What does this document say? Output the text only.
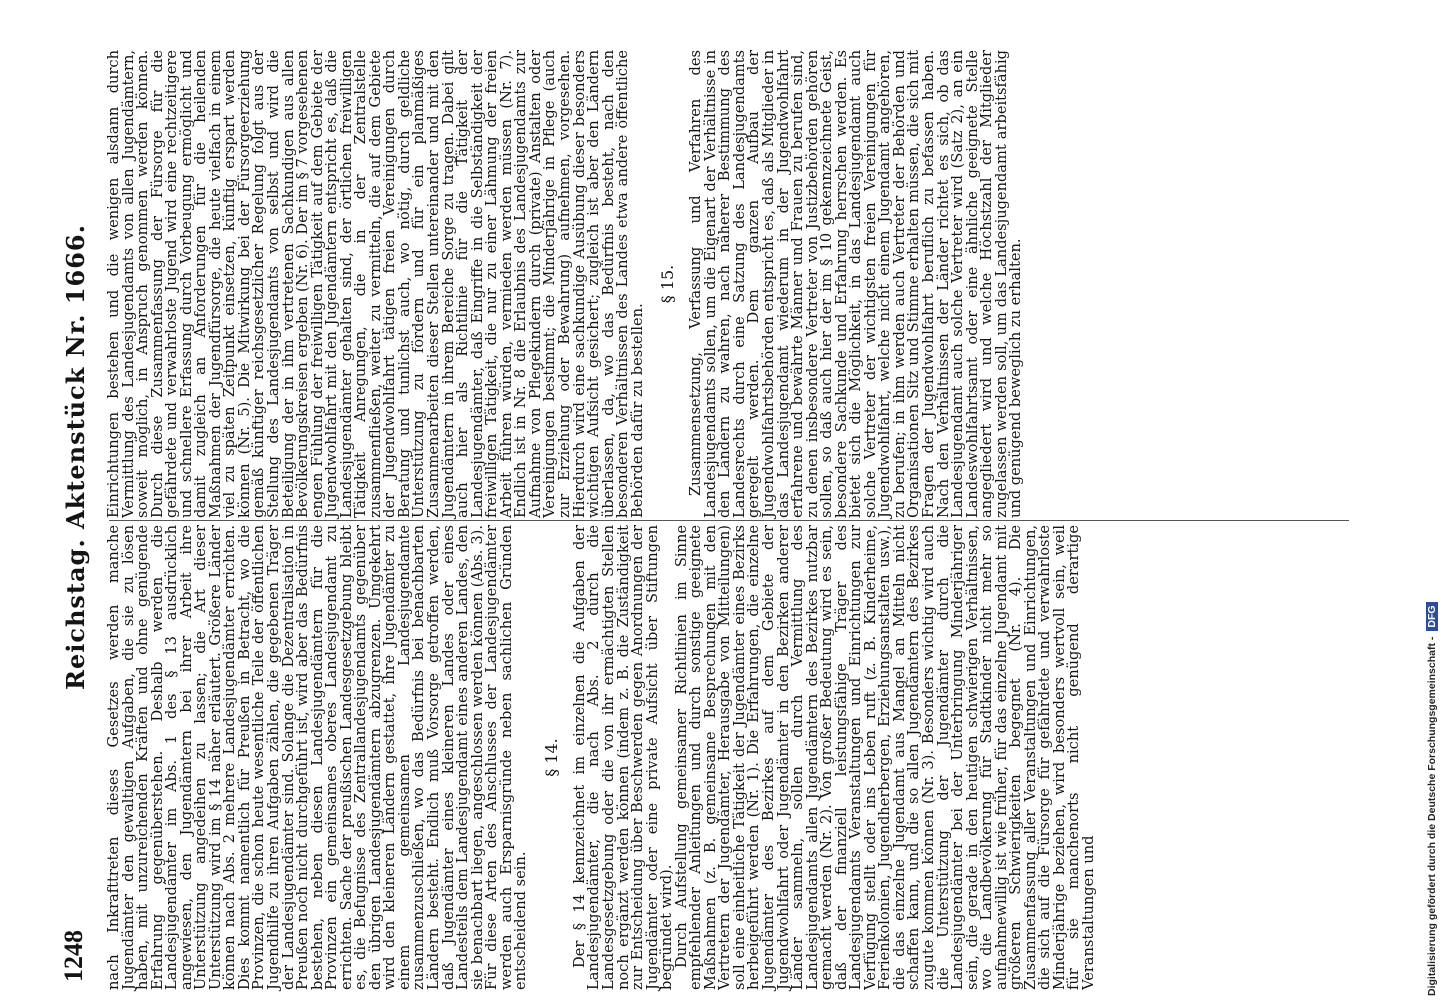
1248
Reichstag. Aktenstück Nr. 1666.

nach Inkrafttreten dieses Gesetzes werden manche Jugendämter den gewaltigen Aufgaben, die sie zu lösen haben, mit unzureichenden Kräften und ohne genügende Erfahrung gegenüberstehen. Deshalb werden die Landesjugendämter im Abs. 1 des § 13 ausdrücklich angewiesen, den Jugendämtern bei ihrer Arbeit ihre Unterstützung angedeihen zu lassen; die Art dieser Unterstützung wird im § 14 näher erläutert. Größere Länder können nach Abs. 2 mehrere Landesjugendämter errichten. Dies kommt namentlich für Preußen in Betracht, wo die Provinzen, die schon heute wesentliche Teile der öffentlichen Jugendhilfe zu ihren Aufgaben zählen, die gegebenen Träger der Landesjugendämter sind. Solange die Dezentralisation in Preußen noch nicht durchgeführt ist, wird aber das Bedürfnis bestehen, neben diesen Landesjugendämtern für die Provinzen ein gemeinsames oberes Landesjugendamt zu errichten. Sache der preußischen Landesgesetzgebung bleibt es, die Befugnisse des Zentrallandesjugendamts gegenüber den übrigen Landesjugendämtern abzugrenzen. Umgekehrt wird den kleineren Ländern gestattet, ihre Jugendämter zu einem gemeinsamen Landesjugendamte zusammenzuschließen, wo das Bedürfnis bei benachbarten Ländern besteht. Endlich muß Vorsorge getroffen werden, daß Jugendämter eines kleineren Landes oder eines Landesteils dem Landesjugendamt eines anderen Landes, den sie benachbart liegen, angeschlossen werden können (Abs. 3). Für diese Arten des Anschlusses der Landesjugendämter werden auch Ersparnisgründe neben sachlichen Gründen entscheidend sein.

§ 14. Der § 14 kennzeichnet im einzelnen die Aufgaben der Landesjugendämter, die nach Abs. 2 durch die Landesgesetzgebung oder die von ihr ermächtigten Stellen noch ergänzt werden können (indem z. B. die Zuständigkeit zur Entscheidung über Beschwerden gegen Anordnungen der Jugendämter oder eine private Aufsicht über Stiftungen begründet wird).

Durch Aufstellung gemeinsamer Richtlinien im Sinne empfehlender Anleitungen und durch sonstige geeignete Maßnahmen (z. B. gemeinsame Besprechungen mit den Vertretern der Jugendämter, Herausgabe von Mitteilungen) soll eine einheitliche Tätigkeit der Jugendämter eines Bezirks herbeigeführt werden (Nr. 1). Die Erfahrungen, die einzelne Jugendämter des Bezirkes auf dem Gebiete der Jugendwohlfahrt oder Jugendämter in den Bezirken anderer Länder sammeln, sollen durch Vermittlung des Landesjugendamts allen Jugendämtern des Bezirkes nutzbar gemacht werden (Nr. 2). Von großer Bedeutung wird es sein, daß der finanziell leistungsfähige Träger des Landesjugendamts Veranstaltungen und Einrichtungen zur Verfügung stellt oder ins Leben ruft (z. B. Kinderheime, Ferienkolonien, Jugendherbergen, Erziehungsanstalten usw.), die das einzelne Jugendamt aus Mangel an Mitteln nicht schaffen kann, und die so allen Jugendämtern des Bezirkes zugute kommen können (Nr. 3). Besonders wichtig wird auch die Unterstützung der Jugendämter durch die Landesjugendämter bei der Unterbringung Minderjähriger sein, die gerade in den heutigen schwierigen Verhältnissen, wo die Landbevölkerung für Stadtkinder nicht mehr so aufnahmewillig ist wie früher, für das einzelne Jugendamt mit größeren Schwierigkeiten begegnet (Nr. 4). Die Zusammenfassung aller Veranstaltungen und Einrichtungen, die sich auf die Fürsorge für gefährdete und verwahrloste Minderjährige beziehen, wird besonders wertvoll sein, weil für sie manchenorts nicht genügend derartige Veranstaltungen und

Einrichtungen bestehen und die wenigen alsdann durch Vermittlung des Landesjugendamts von allen Jugendämtern, soweit möglich, in Anspruch genommen werden können. Durch diese Zusammenfassung der Fürsorge für die gefährdete und verwahrloste Jugend wird eine rechtzeitigere und schnellere Erfassung durch Vorbeugung ermöglicht und damit zugleich an Anforderungen für die heilenden Maßnahmen der Jugendfürsorge, die heute vielfach in einem viel zu späten Zeitpunkt einsetzen, künftig erspart werden können (Nr. 5). Die Mitwirkung bei der Fürsorgeerziehung gemäß künftiger reichsgesetzlicher Regelung folgt aus der Stellung des Landesjugendamts von selbst und wird die Beteiligung der in ihm vertretenen Sachkundigen aus allen Bevölkerungskreisen ergeben (Nr. 6). Der im § 7 vorgesehenen engen Fühlung der freiwilligen Tätigkeit auf dem Gebiete der Jugendwohlfahrt mit den Jugendämtern entspricht es, daß die Landesjugendämter gehalten sind, der örtlichen freiwilligen Tätigkeit Anregungen, die in der Zentralstelle zusammenfließen, weiter zu vermitteln, die auf dem Gebiete der Jugendwohlfahrt tätigen freien Vereinigungen durch Beratung und tunlichst auch, wo nötig, durch geldliche Unterstützung zu fördern und für ein planmäßiges Zusammenarbeiten dieser Stellen untereinander und mit den Jugendämtern in ihrem Bereiche Sorge zu tragen. Dabei gilt auch hier als Richtlinie für die Tätigkeit der Landesjugendämter, daß Eingriffe in die Selbständigkeit der freiwilligen Tätigkeit, die nur zu einer Lähmung der freien Arbeit führen würden, vermieden werden müssen (Nr. 7). Endlich ist in Nr. 8 die Erlaubnis des Landesjugendamts zur Aufnahme von Pflegekindern durch (private) Anstalten oder Vereinigungen bestimmt; die Minderjährige in Pflege (auch zur Erziehung oder Bewahrung) aufnehmen, vorgesehen. Hierdurch wird eine sachkundige Ausübung dieser besonders wichtigen Aufsicht gesichert; zugleich ist aber den Ländern überlassen, da, wo das Bedürfnis besteht, nach den besonderen Verhältnissen des Landes etwa andere öffentliche Behörden dafür zu bestellen.

§ 15. Zusammensetzung, Verfassung und Verfahren des Landesjugendamts sollen, um die Eigenart der Verhältnisse in den Ländern zu wahren, nach näherer Bestimmung des Landesrechts durch eine Satzung des Landesjugendamts geregelt werden. Dem ganzen Aufbau der Jugendwohlfahrtsbehörden entspricht es, daß als Mitglieder in das Landesjugendamt wiederum in der Jugendwohlfahrt erfahrene und bewährte Männer und Frauen zu berufen sind, zu denen insbesondere Vertreter von Justizbehörden gehören sollen, so daß auch hier der im § 10 gekennzeichnete Geist, besondere Sachkunde und Erfahrung herrschen werden. Es bietet sich die Möglichkeit, in das Landesjugendamt auch solche Vertreter der wichtigsten freien Vereinigungen für Jugendwohlfahrt, welche nicht einem Jugendamt angehören, zu berufen; in ihm werden auch Vertreter der Behörden und Organisationen Sitz und Stimme erhalten müssen, die sich mit Fragen der Jugendwohlfahrt beruflich zu befassen haben. Nach den Verhältnissen der Länder richtet es sich, ob das Landesjugendamt auch solche Vertreter wird (Satz 2), an ein Landeswohlfahrtsamt oder eine ähnliche geeignete Stelle angegliedert wird und welche Höchstzahl der Mitglieder zugelassen werden soll, um das Landesjugendamt arbeitsfähig und genügend beweglich zu erhalten.

Digitalisierung gefördert durch die Deutsche Forschungsgemeinschaft -DFG
